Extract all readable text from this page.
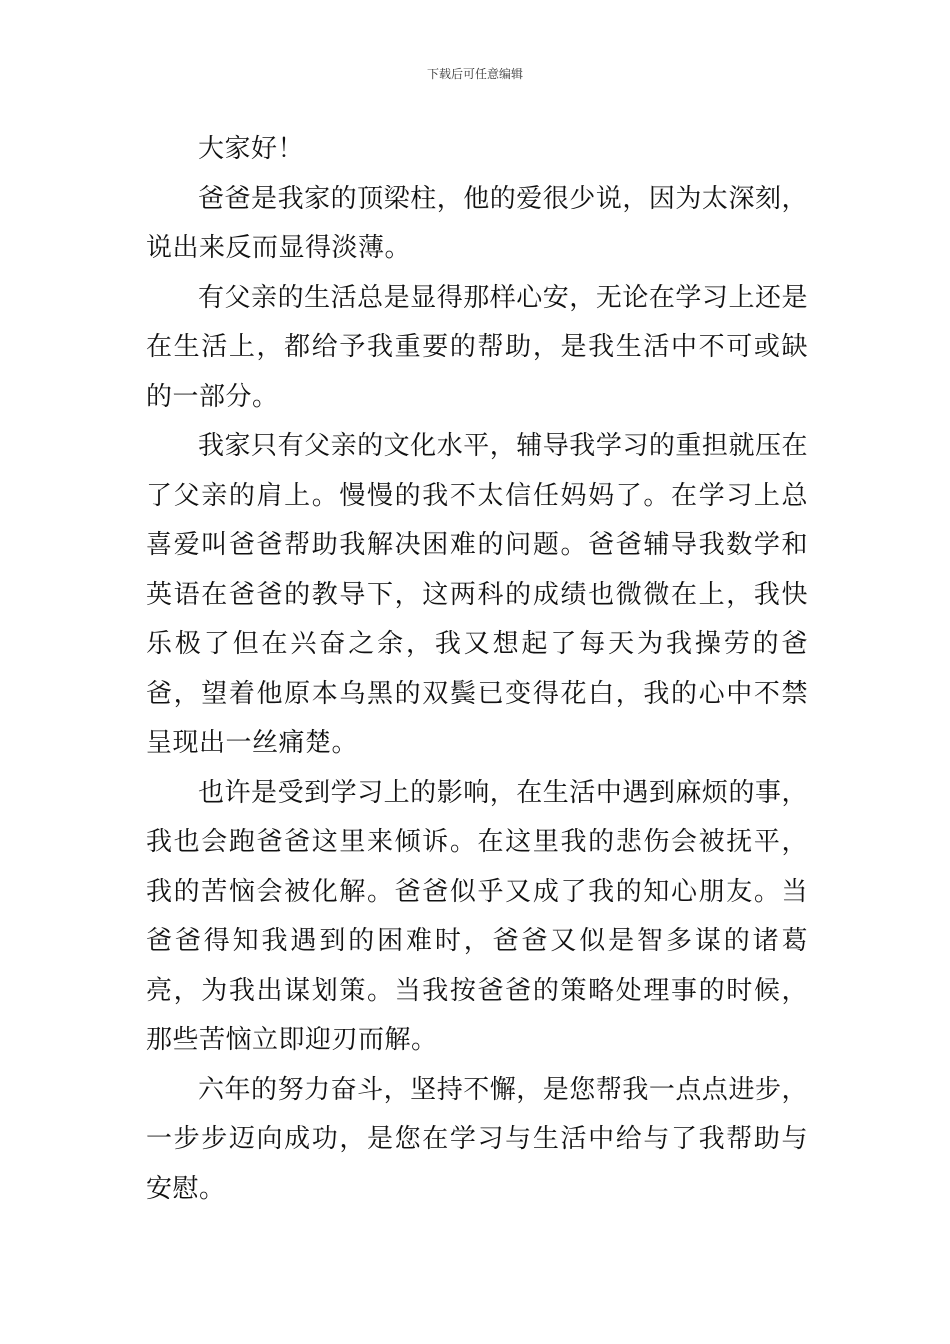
下载后可任意编辑

大家好！

爸爸是我家的顶梁柱，他的爱很少说，因为太深刻，说出来反而显得淡薄。

有父亲的生活总是显得那样心安，无论在学习上还是在生活上，都给予我重要的帮助，是我生活中不可或缺的一部分。

我家只有父亲的文化水平，辅导我学习的重担就压在了父亲的肩上。慢慢的我不太信任妈妈了。在学习上总喜爱叫爸爸帮助我解决困难的问题。爸爸辅导我数学和英语在爸爸的教导下，这两科的成绩也微微在上，我快乐极了但在兴奋之余，我又想起了每天为我操劳的爸爸，望着他原本乌黑的双鬓已变得花白，我的心中不禁呈现出一丝痛楚。

也许是受到学习上的影响，在生活中遇到麻烦的事，我也会跑爸爸这里来倾诉。在这里我的悲伤会被抚平，我的苦恼会被化解。爸爸似乎又成了我的知心朋友。当爸爸得知我遇到的困难时，爸爸又似是智多谋的诸葛亮，为我出谋划策。当我按爸爸的策略处理事的时候，那些苦恼立即迎刃而解。

六年的努力奋斗，坚持不懈，是您帮我一点点进步，一步步迈向成功，是您在学习与生活中给与了我帮助与安慰。
